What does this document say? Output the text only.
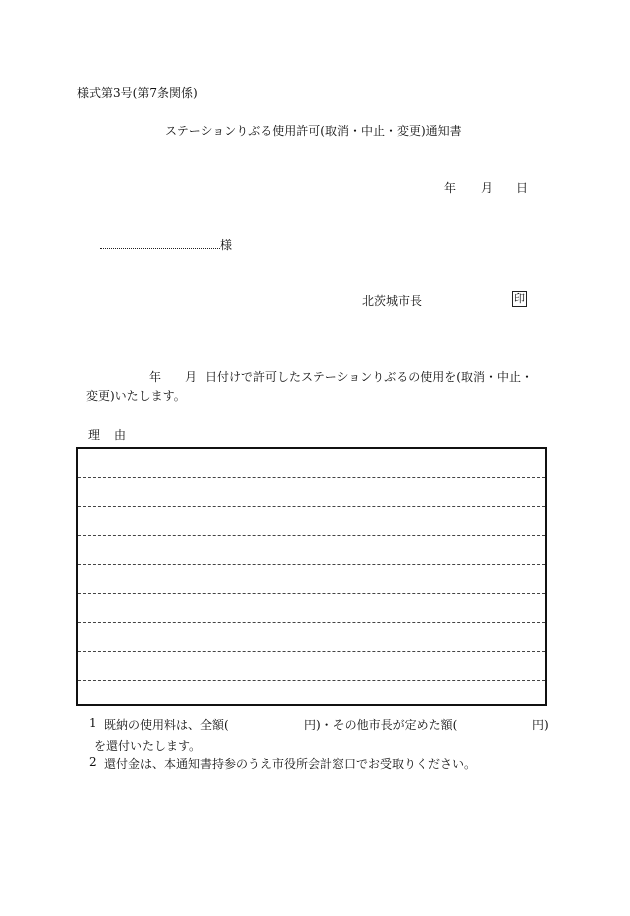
様式第3号(第7条関係)
ステーションりぶる使用許可(取消・中止・変更)通知書
年 月 日
様
北茨城市長	印
年 月 日付けで許可したステーションりぶるの使用を(取消・中止・
変更)いたします。
理由
1 既納の使用料は、全額(	円)・その他市長が定めた額(	円)
を還付いたします。
2 還付金は、本通知書持参のうえ市役所会計窓口でお受取りください。
